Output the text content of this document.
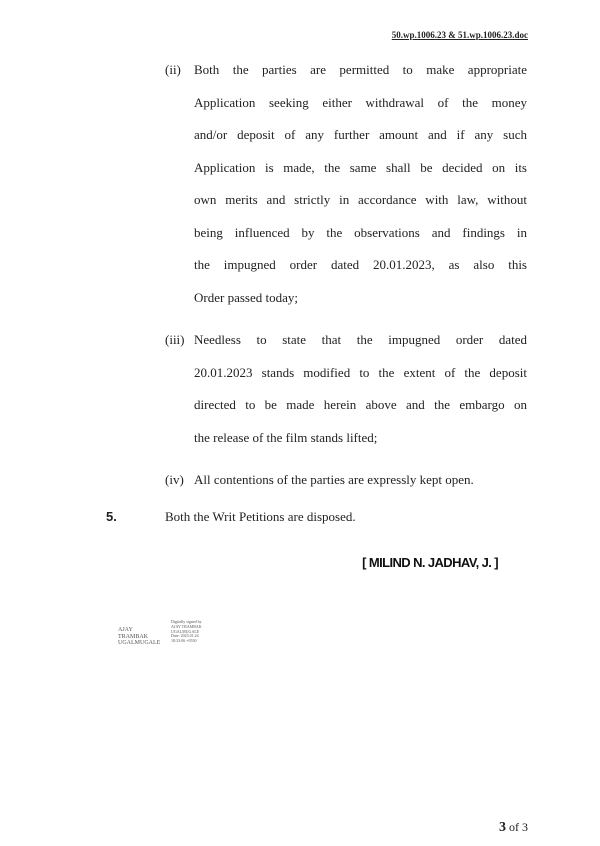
50.wp.1006.23 & 51.wp.1006.23.doc
(ii) Both the parties are permitted to make appropriate
Application seeking either withdrawal of the money
and/or deposit of any further amount and if any such
Application is made, the same shall be decided on its
own merits and strictly in accordance with law, without
being influenced by the observations and findings in
the impugned order dated 20.01.2023, as also this
Order passed today;
(iii) Needless to state that the impugned order dated
20.01.2023 stands modified to the extent of the deposit
directed to be made herein above and the embargo on
the release of the film stands lifted;
(iv) All contentions of the parties are expressly kept open.
5.	Both the Writ Petitions are disposed.
[ MILIND N. JADHAV, J. ]
AJAY
TRAMBAK
UGALMUGALE
Digitally signed by
AJAY TRAMBAK
UGALMUGALE
Date: 2023.01.24
18:33:06 +0530
3 of 3
